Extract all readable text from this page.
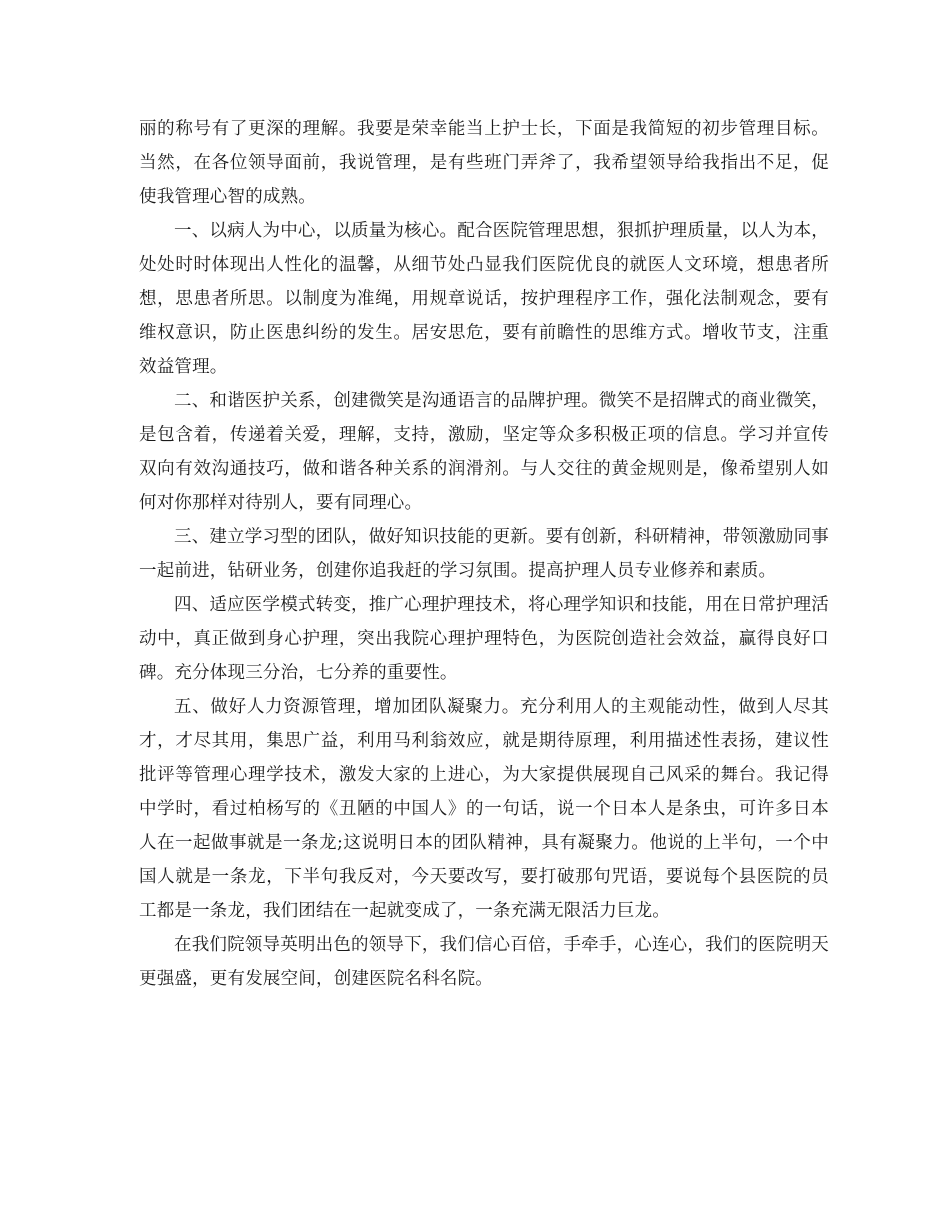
丽的称号有了更深的理解。我要是荣幸能当上护士长，下面是我简短的初步管理目标。当然，在各位领导面前，我说管理，是有些班门弄斧了，我希望领导给我指出不足，促使我管理心智的成熟。

一、以病人为中心，以质量为核心。配合医院管理思想，狠抓护理质量，以人为本，处处时时体现出人性化的温馨，从细节处凸显我们医院优良的就医人文环境，想患者所想，思患者所思。以制度为准绳，用规章说话，按护理程序工作，强化法制观念，要有维权意识，防止医患纠纷的发生。居安思危，要有前瞻性的思维方式。增收节支，注重效益管理。

二、和谐医护关系，创建微笑是沟通语言的品牌护理。微笑不是招牌式的商业微笑，是包含着，传递着关爱，理解，支持，激励，坚定等众多积极正项的信息。学习并宣传双向有效沟通技巧，做和谐各种关系的润滑剂。与人交往的黄金规则是，像希望别人如何对你那样对待别人，要有同理心。

三、建立学习型的团队，做好知识技能的更新。要有创新，科研精神，带领激励同事一起前进，钻研业务，创建你追我赶的学习氛围。提高护理人员专业修养和素质。

四、适应医学模式转变，推广心理护理技术，将心理学知识和技能，用在日常护理活动中，真正做到身心护理，突出我院心理护理特色，为医院创造社会效益，赢得良好口碑。充分体现三分治，七分养的重要性。

五、做好人力资源管理，增加团队凝聚力。充分利用人的主观能动性，做到人尽其才，才尽其用，集思广益，利用马利翁效应，就是期待原理，利用描述性表扬，建议性批评等管理心理学技术，激发大家的上进心，为大家提供展现自己风采的舞台。我记得中学时，看过柏杨写的《丑陋的中国人》的一句话，说一个日本人是条虫，可许多日本人在一起做事就是一条龙;这说明日本的团队精神，具有凝聚力。他说的上半句，一个中国人就是一条龙，下半句我反对，今天要改写，要打破那句咒语，要说每个县医院的员工都是一条龙，我们团结在一起就变成了，一条充满无限活力巨龙。

在我们院领导英明出色的领导下，我们信心百倍，手牵手，心连心，我们的医院明天更强盛，更有发展空间，创建医院名科名院。
